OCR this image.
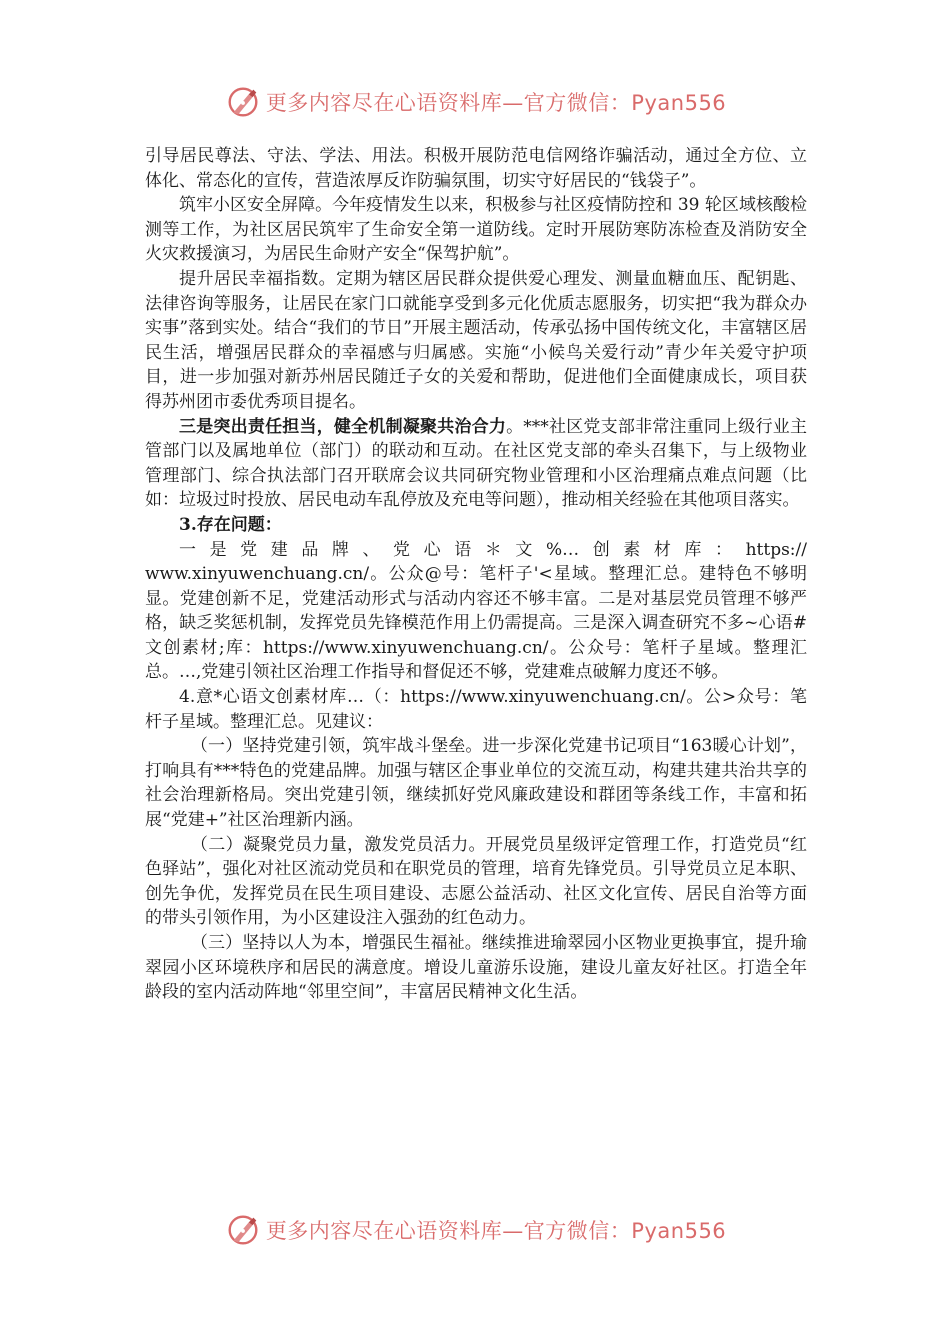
更多内容尽在心语资料库—官方微信：Pyan556

引导居民尊法、守法、学法、用法。积极开展防范电信网络诈骗活动，通过全方位、立体化、常态化的宣传，营造浓厚反诈防骗氛围，切实守好居民的“钱袋子”。

筑牢小区安全屏障。今年疫情发生以来，积极参与社区疫情防控和 39 轮区域核酸检测等工作，为社区居民筑牢了生命安全第一道防线。定时开展防寒防冻检查及消防安全火灾救援演习，为居民生命财产安全“保驾护航”。

提升居民幸福指数。定期为辖区居民群众提供爱心理发、测量血糖血压、配钥匙、法律咨询等服务，让居民在家门口就能享受到多元化优质志愿服务，切实把“我为群众办实事”落到实处。结合“我们的节日”开展主题活动，传承弘扬中国传统文化，丰富辖区居民生活，增强居民群众的幸福感与归属感。实施“小候鸟关爱行动”青少年关爱守护项目，进一步加强对新苏州居民随迁子女的关爱和帮助，促进他们全面健康成长，项目获得苏州团市委优秀项目提名。

三是突出责任担当，健全机制凝聚共治合力。***社区党支部非常注重同上级行业主管部门以及属地单位（部门）的联动和互动。在社区党支部的牵头召集下，与上级物业管理部门、综合执法部门召开联席会议共同研究物业管理和小区治理痛点难点问题（比如：垃圾过时投放、居民电动车乱停放及充电等问题），推动相关经验在其他项目落实。

3.存在问题：

一是党建品牌、党心语＊文%…创素材库：https://

www.xinyuwenchuang.cn/。公众@号：笔杆子'<星域。整理汇总。建特色不够明显。党建创新不足，党建活动形式与活动内容还不够丰富。二是对基层党员管理不够严格，缺乏奖惩机制，发挥党员先锋模范作用上仍需提高。三是深入调查研究不多~心语#文创素材;库：https://www.xinyuwenchuang.cn/。公众号：笔杆子星域。整理汇总。…,党建引领社区治理工作指导和督促还不够，党建难点破解力度还不够。

4.意*心语文创素材库…（：https://www.xinyuwenchuang.cn/。公>众号：笔杆子星域。整理汇总。见建议：

（一）坚持党建引领，筑牢战斗堡垒。进一步深化党建书记项目“163暖心计划”，打响具有***特色的党建品牌。加强与辖区企事业单位的交流互动，构建共建共治共享的社会治理新格局。突出党建引领，继续抓好党风廉政建设和群团等条线工作，丰富和拓展“党建+”社区治理新内涵。

（二）凝聚党员力量，激发党员活力。开展党员星级评定管理工作，打造党员“红色驿站”，强化对社区流动党员和在职党员的管理，培育先锋党员。引导党员立足本职、创先争优，发挥党员在民生项目建设、志愿公益活动、社区文化宣传、居民自治等方面的带头引领作用，为小区建设注入强劲的红色动力。

（三）坚持以人为本，增强民生福祉。继续推进瑜翠园小区物业更换事宜，提升瑜翠园小区环境秩序和居民的满意度。增设儿童游乐设施，建设儿童友好社区。打造全年龄段的室内活动阵地“邻里空间”，丰富居民精神文化生活。

更多内容尽在心语资料库—官方微信：Pyan556
